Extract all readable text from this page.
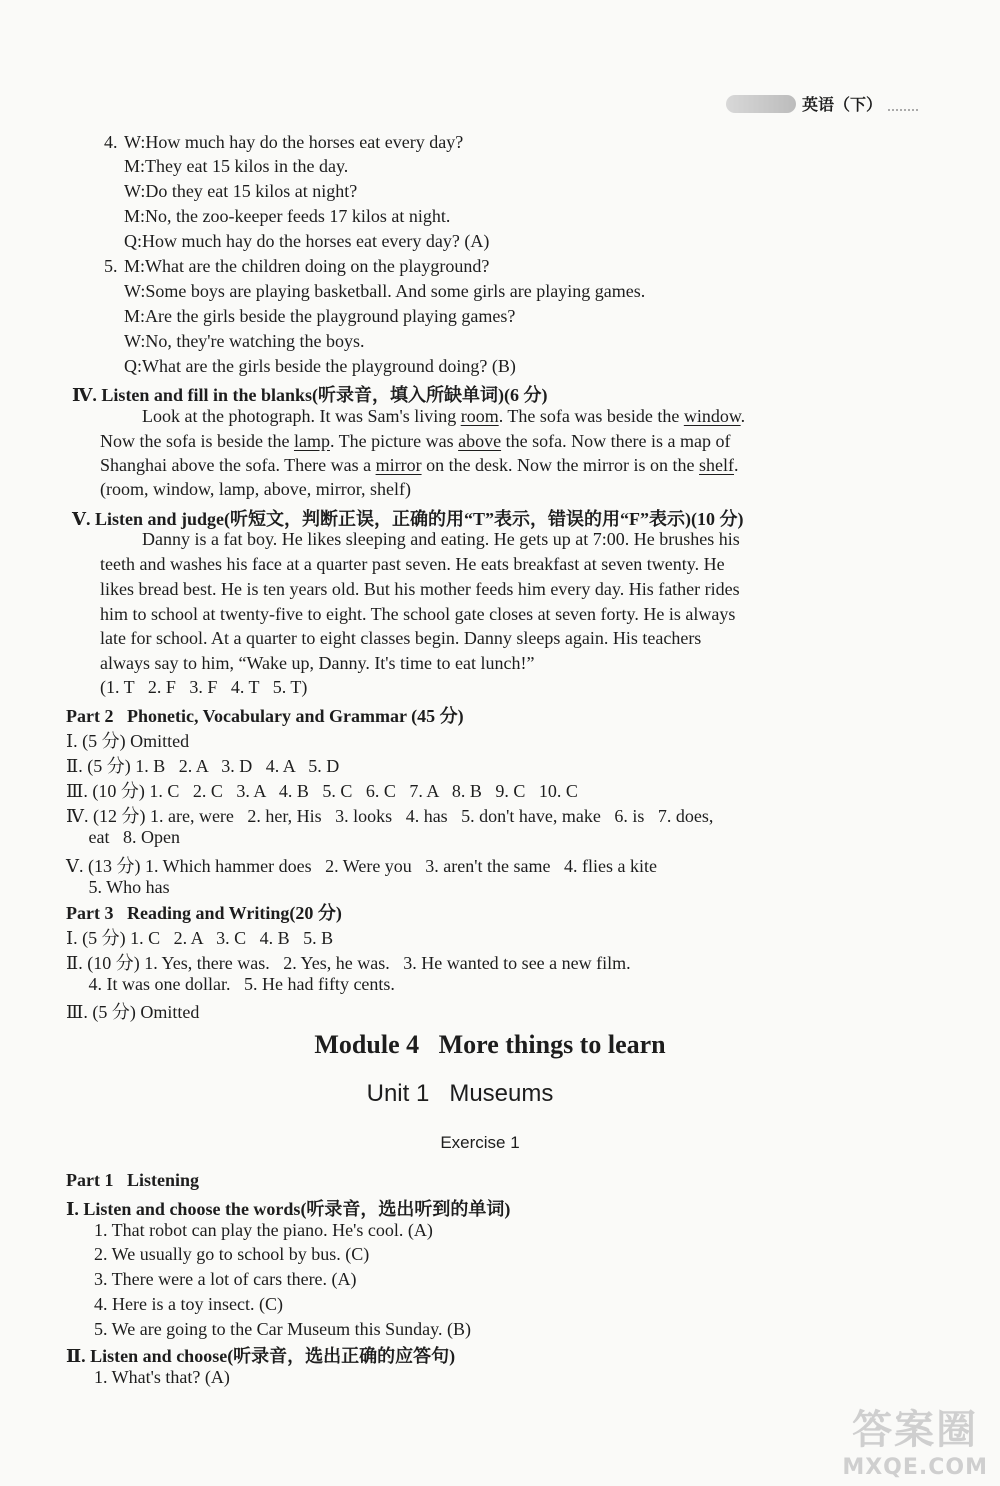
英语（下）
4. W:How much hay do the horses eat every day?
M:They eat 15 kilos in the day.
W:Do they eat 15 kilos at night?
M:No, the zoo-keeper feeds 17 kilos at night.
Q:How much hay do the horses eat every day? (A)
5. M:What are the children doing on the playground?
W:Some boys are playing basketball. And some girls are playing games.
M:Are the girls beside the playground playing games?
W:No, they're watching the boys.
Q:What are the girls beside the playground doing? (B)
Ⅳ. Listen and fill in the blanks(听录音，填入所缺单词)(6 分)
Look at the photograph. It was Sam's living room. The sofa was beside the window.
Now the sofa is beside the lamp. The picture was above the sofa. Now there is a map of
Shanghai above the sofa. There was a mirror on the desk. Now the mirror is on the shelf.
(room, window, lamp, above, mirror, shelf)
Ⅴ. Listen and judge(听短文，判断正误，正确的用“T”表示，错误的用“F”表示)(10 分)
Danny is a fat boy. He likes sleeping and eating. He gets up at 7:00. He brushes his
teeth and washes his face at a quarter past seven. He eats breakfast at seven twenty. He
likes bread best. He is ten years old. But his mother feeds him every day. His father rides
him to school at twenty-five to eight. The school gate closes at seven forty. He is always
late for school. At a quarter to eight classes begin. Danny sleeps again. His teachers
always say to him, “Wake up, Danny. It's time to eat lunch!”
(1. T   2. F   3. F   4. T   5. T)
Part 2   Phonetic, Vocabulary and Grammar (45 分)
Ⅰ. (5 分) Omitted
Ⅱ. (5 分) 1. B   2. A   3. D   4. A   5. D
Ⅲ. (10 分) 1. C   2. C   3. A   4. B   5. C   6. C   7. A   8. B   9. C   10. C
Ⅳ. (12 分) 1. are, were   2. her, His   3. looks   4. has   5. don't have, make   6. is   7. does,
eat   8. Open
Ⅴ. (13 分) 1. Which hammer does   2. Were you   3. aren't the same   4. flies a kite
5. Who has
Part 3   Reading and Writing(20 分)
Ⅰ. (5 分) 1. C   2. A   3. C   4. B   5. B
Ⅱ. (10 分) 1. Yes, there was.   2. Yes, he was.   3. He wanted to see a new film.
4. It was one dollar.   5. He had fifty cents.
Ⅲ. (5 分) Omitted
Module 4   More things to learn
Unit 1   Museums
Exercise 1
Part 1   Listening
Ⅰ. Listen and choose the words(听录音，选出听到的单词)
1. That robot can play the piano. He's cool. (A)
2. We usually go to school by bus. (C)
3. There were a lot of cars there. (A)
4. Here is a toy insect. (C)
5. We are going to the Car Museum this Sunday. (B)
Ⅱ. Listen and choose(听录音，选出正确的应答句)
1. What's that? (A)
答案圈
MXQE.COM
